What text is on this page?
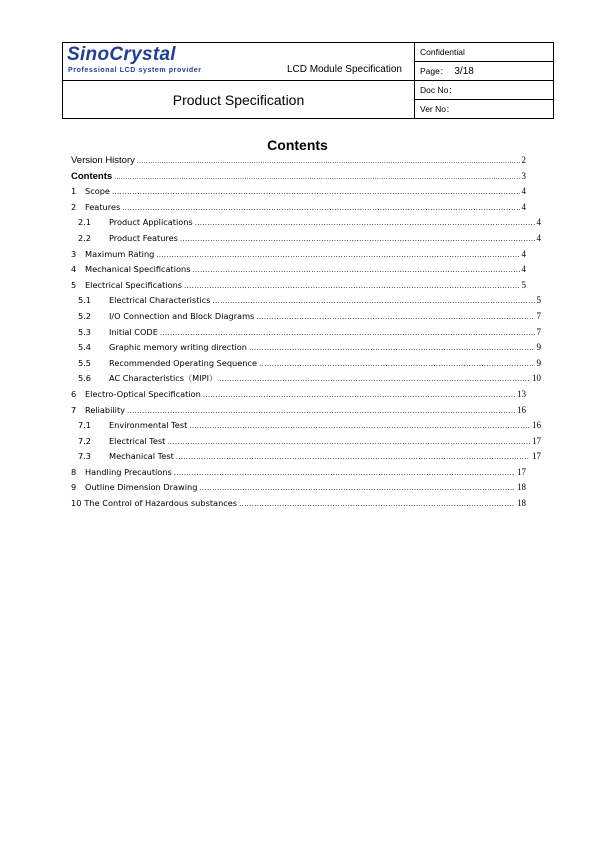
SinoCrystal
Professional LCD system provider LCD Module Specification	Confidential
	Page： 3/18
Product Specification	Doc No：
	Ver No：
Contents
Version History .....	2
Contents .....	3
1	Scope .....	4
2	Features .....	4
2.1	Product Applications .....	4
2.2	Product Features .....	4
3	Maximum Rating .....	4
4	Mechanical Specifications .....	4
5	Electrical Specifications .....	5
5.1	Electrical Characteristics .....	5
5.2	I/O Connection and Block Diagrams .....	7
5.3	Initial CODE .....	7
5.4	Graphic memory writing direction .....	9
5.5	Recommended Operating Sequence .....	9
5.6	AC Characteristics（MIPI） .....	10
6	Electro-Optical Specification .....	13
7	Reliability .....	16
7.1	Environmental Test .....	16
7.2	Electrical Test .....	17
7.3	Mechanical Test .....	17
8	Handling Precautions .....	17
9	Outline Dimension Drawing .....	18
10 The Control of Hazardous substances .....	18
